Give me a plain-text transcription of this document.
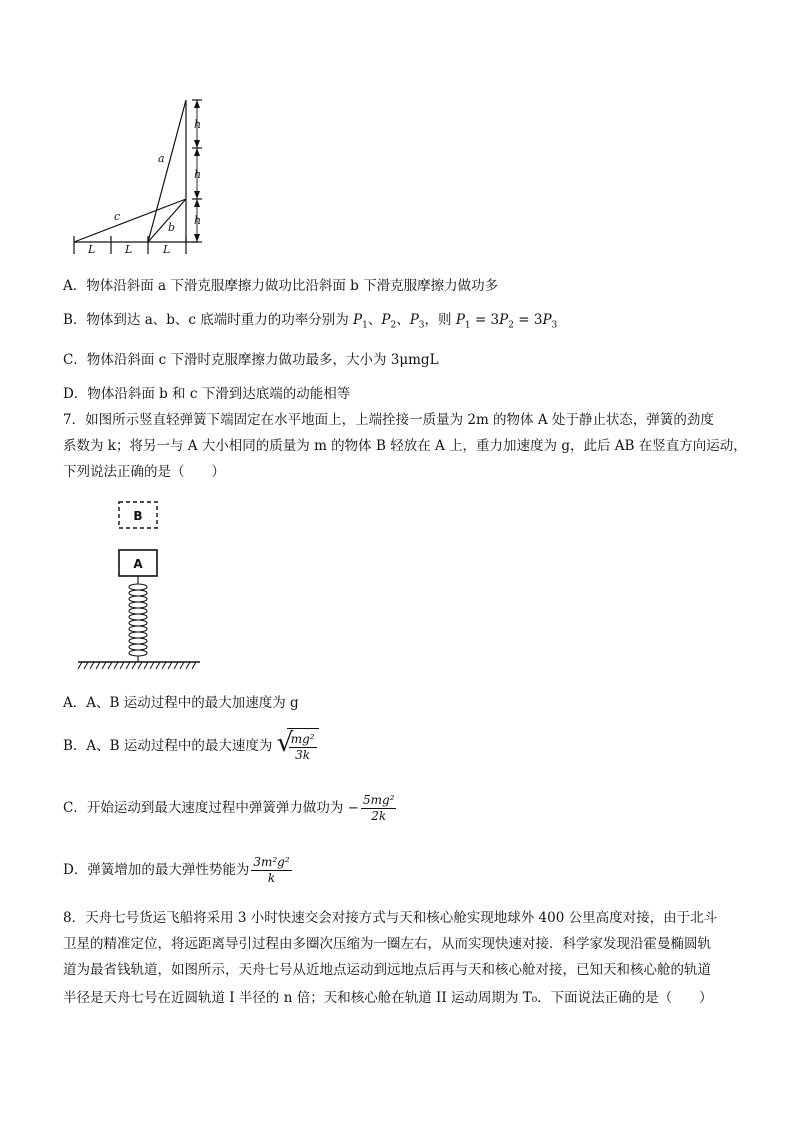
h
h
h
a
b
c
L	L	L
A．物体沿斜面 a 下滑克服摩擦力做功比沿斜面 b 下滑克服摩擦力做功多
B．物体到达 a、b、c 底端时重力的功率分别为 $P_1$、$P_2$、$P_3$，则 $P_1 = 3P_2 = 3P_3$
C．物体沿斜面 c 下滑时克服摩擦力做功最多，大小为 3μmgL
D．物体沿斜面 b 和 c 下滑到达底端的动能相等
7．如图所示竖直轻弹簧下端固定在水平地面上，上端拴接一质量为 2m 的物体 A 处于静止状态，弹簧的劲度
系数为 k；将另一与 A 大小相同的质量为 m 的物体 B 轻放在 A 上，重力加速度为 g，此后 AB 在竖直方向运动，
下列说法正确的是（　　）
B
A
A．A、B 运动过程中的最大加速度为 g
B．A、B 运动过程中的最大速度为 √
$\frac{\text{mg²}}{3k}$
C．开始运动到最大速度过程中弹簧弹力做功为 − $\frac{\text{5mg²}}{2k}$
D．弹簧增加的最大弹性势能为 $\frac{\text{3m²g²}}{k}$
8．天舟七号货运飞船将采用 3 小时快速交会对接方式与天和核心舱实现地球外 400 公里高度对接，由于北斗
卫星的精准定位，将远距离导引过程由多圈次压缩为一圈左右，从而实现快速对接．科学家发现沿霍曼椭圆轨
道为最省钱轨道，如图所示，天舟七号从近地点运动到远地点后再与天和核心舱对接，已知天和核心舱的轨道
半径是天舟七号在近圆轨道 I 半径的 n 倍；天和核心舱在轨道 II 运动周期为 T₀．下面说法正确的是（　　）
